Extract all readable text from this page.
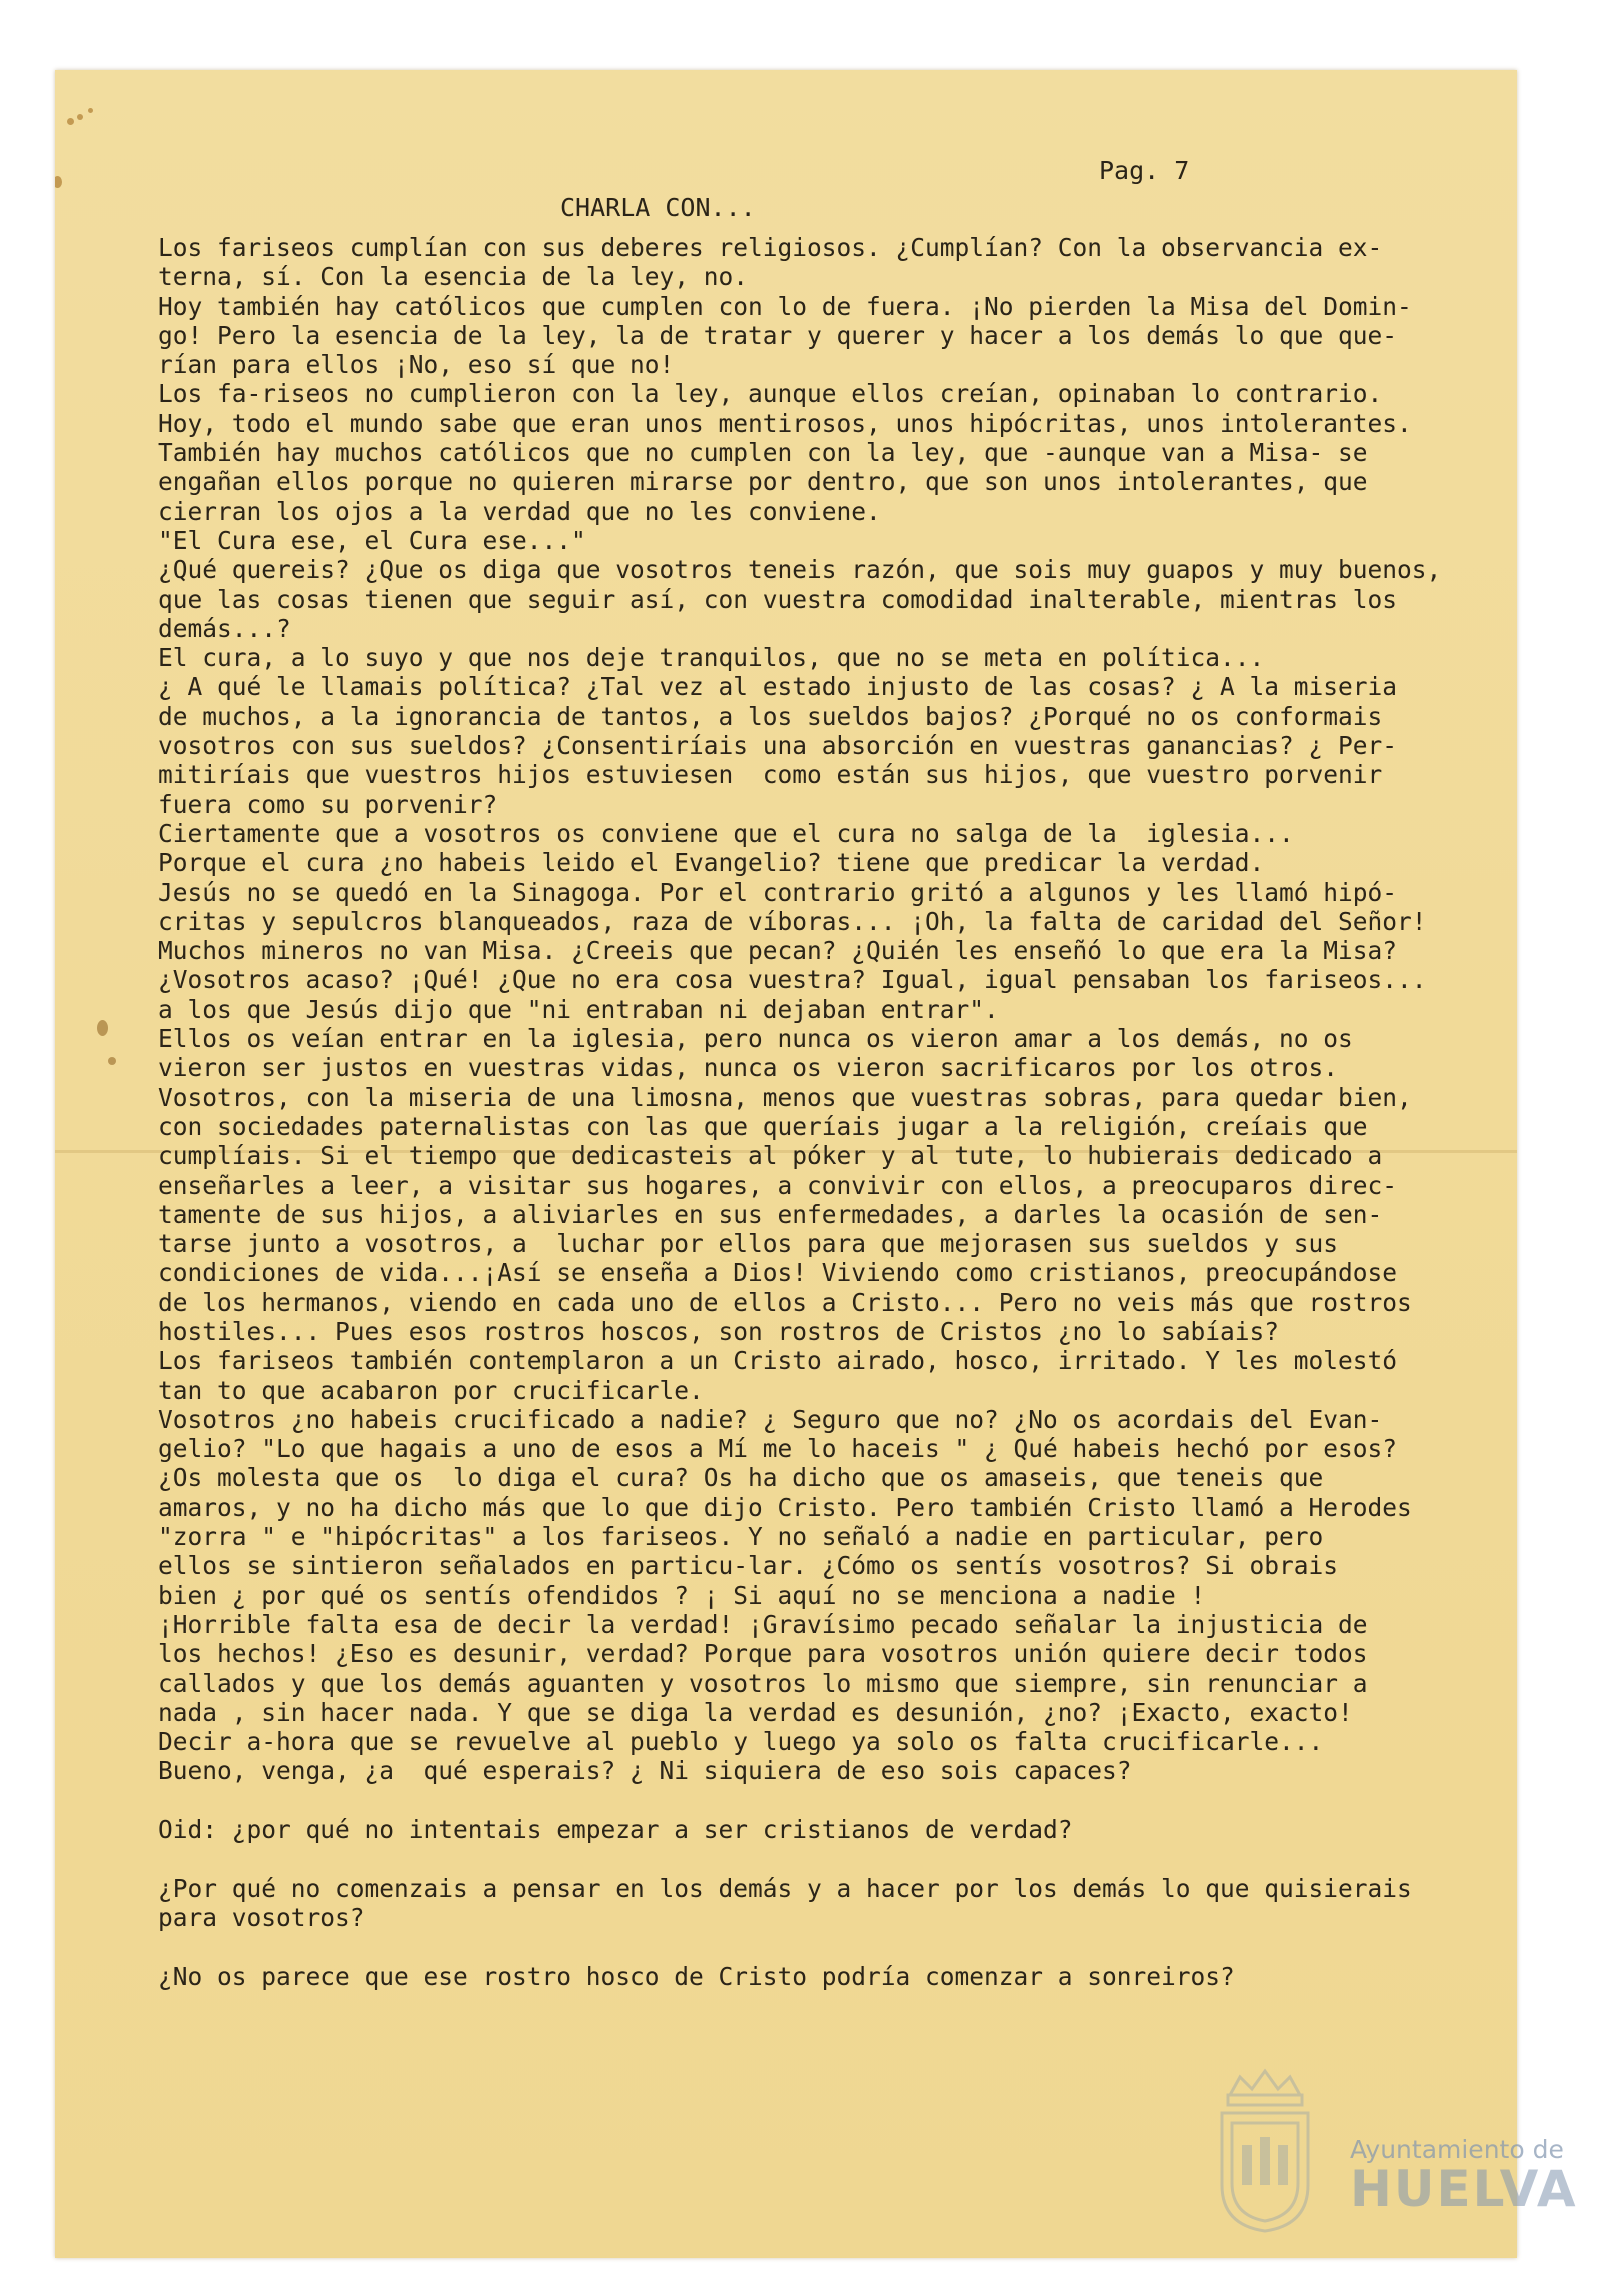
Pag. 7

CHARLA CON...

Los fariseos cumplían con sus deberes religiosos. ¿Cumplían? Con la observancia ex-
terna, sí. Con la esencia de la ley, no.
Hoy también hay católicos que cumplen con lo de fuera. ¡No pierden la Misa del Domin-
go! Pero la esencia de la ley, la de tratar y querer y hacer a los demás lo que que-
rían para ellos ¡No, eso sí que no!
Los fa-riseos no cumplieron con la ley, aunque ellos creían, opinaban lo contrario.
Hoy, todo el mundo sabe que eran unos mentirosos, unos hipócritas, unos intolerantes.
También hay muchos católicos que no cumplen con la ley, que -aunque van a Misa- se
engañan ellos porque no quieren mirarse por dentro, que son unos intolerantes, que
cierran los ojos a la verdad que no les conviene.
"El Cura ese, el Cura ese..."
¿Qué quereis? ¿Que os diga que vosotros teneis razón, que sois muy guapos y muy buenos,
que las cosas tienen que seguir así, con vuestra comodidad inalterable, mientras los
demás...?
El cura, a lo suyo y que nos deje tranquilos, que no se meta en política...
¿ A qué le llamais política? ¿Tal vez al estado injusto de las cosas? ¿ A la miseria
de muchos, a la ignorancia de tantos, a los sueldos bajos? ¿Porqué no os conformais
vosotros con sus sueldos? ¿Consentiríais una absorción en vuestras ganancias? ¿ Per-
mitiríais que vuestros hijos estuviesen  como están sus hijos, que vuestro porvenir
fuera como su porvenir?
Ciertamente que a vosotros os conviene que el cura no salga de la  iglesia...
Porque el cura ¿no habeis leido el Evangelio? tiene que predicar la verdad.
Jesús no se quedó en la Sinagoga. Por el contrario gritó a algunos y les llamó hipó-
critas y sepulcros blanqueados, raza de víboras... ¡Oh, la falta de caridad del Señor!
Muchos mineros no van Misa. ¿Creeis que pecan? ¿Quién les enseñó lo que era la Misa?
¿Vosotros acaso? ¡Qué! ¿Que no era cosa vuestra? Igual, igual pensaban los fariseos...
a los que Jesús dijo que "ni entraban ni dejaban entrar".
Ellos os veían entrar en la iglesia, pero nunca os vieron amar a los demás, no os
vieron ser justos en vuestras vidas, nunca os vieron sacrificaros por los otros.
Vosotros, con la miseria de una limosna, menos que vuestras sobras, para quedar bien,
con sociedades paternalistas con las que queríais jugar a la religión, creíais que
cumplíais. Si el tiempo que dedicasteis al póker y al tute, lo hubierais dedicado a
enseñarles a leer, a visitar sus hogares, a convivir con ellos, a preocuparos direc-
tamente de sus hijos, a aliviarles en sus enfermedades, a darles la ocasión de sen-
tarse junto a vosotros, a  luchar por ellos para que mejorasen sus sueldos y sus
condiciones de vida...¡Así se enseña a Dios! Viviendo como cristianos, preocupándose
de los hermanos, viendo en cada uno de ellos a Cristo... Pero no veis más que rostros
hostiles... Pues esos rostros hoscos, son rostros de Cristos ¿no lo sabíais?
Los fariseos también contemplaron a un Cristo airado, hosco, irritado. Y les molestó
tan to que acabaron por crucificarle.
Vosotros ¿no habeis crucificado a nadie? ¿ Seguro que no? ¿No os acordais del Evan-
gelio? "Lo que hagais a uno de esos a Mí me lo haceis " ¿ Qué habeis hechó por esos?
¿Os molesta que os  lo diga el cura? Os ha dicho que os amaseis, que teneis que
amaros, y no ha dicho más que lo que dijo Cristo. Pero también Cristo llamó a Herodes
"zorra " e "hipócritas" a los fariseos. Y no señaló a nadie en particular, pero
ellos se sintieron señalados en particu-lar. ¿Cómo os sentís vosotros? Si obrais
bien ¿ por qué os sentís ofendidos ? ¡ Si aquí no se menciona a nadie !
¡Horrible falta esa de decir la verdad! ¡Gravísimo pecado señalar la injusticia de
los hechos! ¿Eso es desunir, verdad? Porque para vosotros unión quiere decir todos
callados y que los demás aguanten y vosotros lo mismo que siempre, sin renunciar a
nada , sin hacer nada. Y que se diga la verdad es desunión, ¿no? ¡Exacto, exacto!
Decir a-hora que se revuelve al pueblo y luego ya solo os falta crucificarle...
Bueno, venga, ¿a  qué esperais? ¿ Ni siquiera de eso sois capaces?
Oid: ¿por qué no intentais empezar a ser cristianos de verdad?
¿Por qué no comenzais a pensar en los demás y a hacer por los demás lo que quisierais
para vosotros?
¿No os parece que ese rostro hosco de Cristo podría comenzar a sonreiros?
Ayuntamiento de
HUELVA
